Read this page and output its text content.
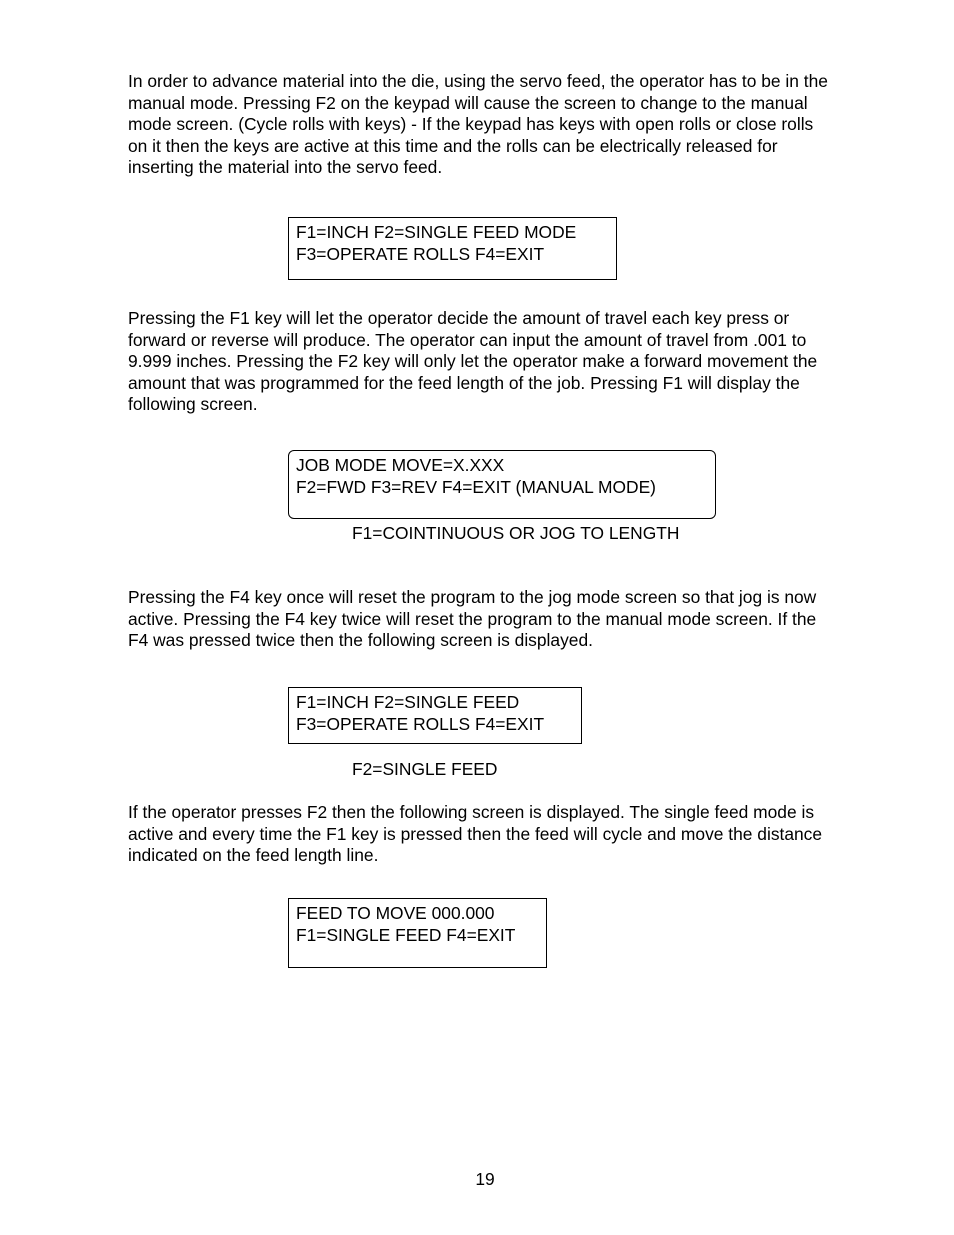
In order to advance material into the die, using the servo feed, the operator has to be in the
manual mode. Pressing F2 on the keypad will cause the screen to change to the manual
mode screen. (Cycle rolls with keys) - If the keypad has keys with open rolls or close rolls
on it then the keys are active at this time and the rolls can be electrically released for
inserting the material into the servo feed.

F1=INCH F2=SINGLE FEED MODE
F3=OPERATE ROLLS F4=EXIT

Pressing the F1 key will let the operator decide the amount of travel each key press or
forward or reverse will produce. The operator can input the amount of travel from .001 to
9.999 inches. Pressing the F2 key will only let the operator make a forward movement the
amount that was programmed for the feed length of the job. Pressing F1 will display the
following screen.

JOB MODE MOVE=X.XXX
F2=FWD F3=REV F4=EXIT (MANUAL MODE)
F1=COINTINUOUS OR JOG TO LENGTH

Pressing the F4 key once will reset the program to the jog mode screen so that jog is now
active. Pressing the F4 key twice will reset the program to the manual mode screen. If the
F4 was pressed twice then the following screen is displayed.

F1=INCH F2=SINGLE FEED
F3=OPERATE ROLLS F4=EXIT
F2=SINGLE FEED

If the operator presses F2 then the following screen is displayed. The single feed mode is
active and every time the F1 key is pressed then the feed will cycle and move the distance
indicated on the feed length line.

FEED TO MOVE 000.000
F1=SINGLE FEED F4=EXIT
19
